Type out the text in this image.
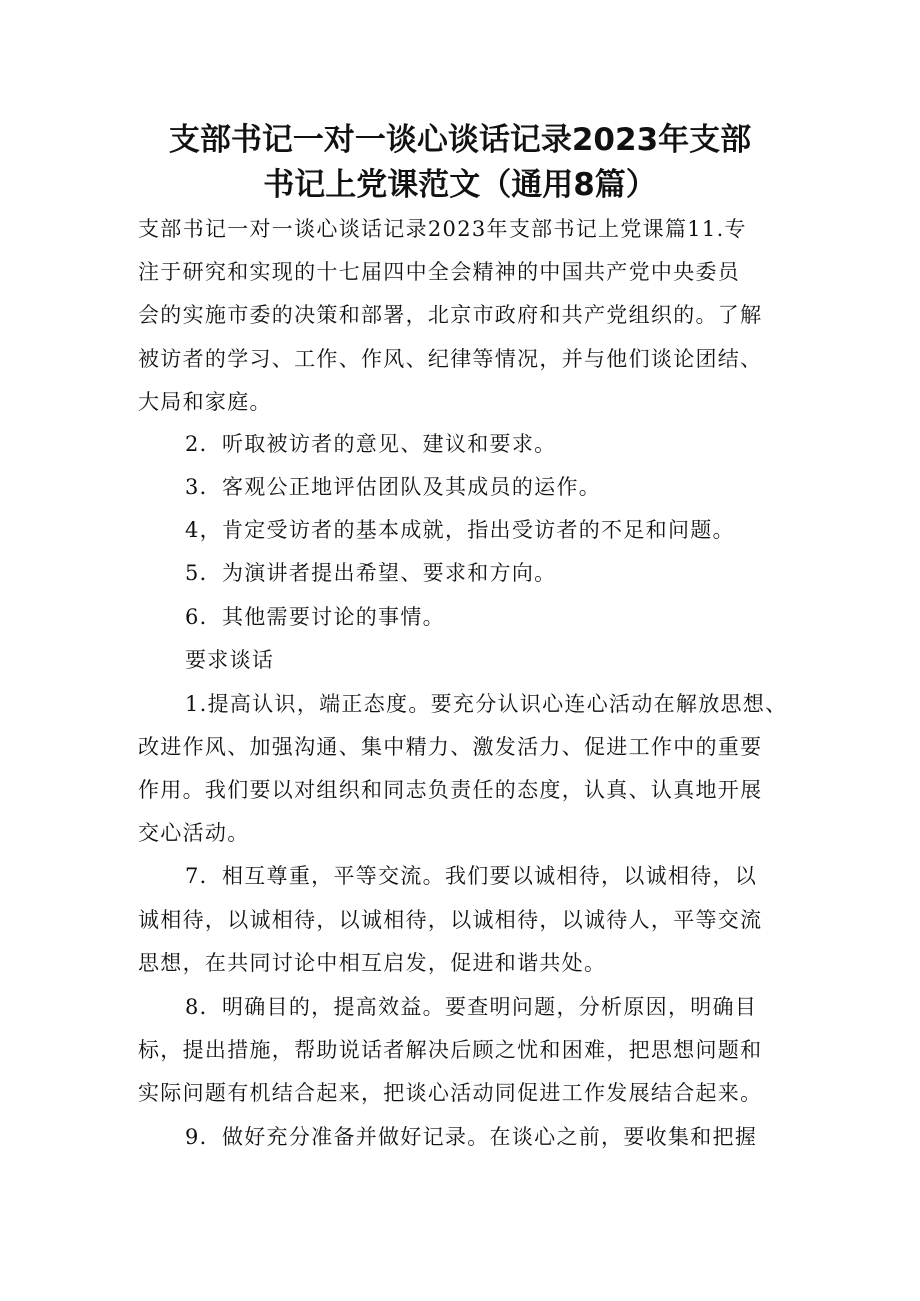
支部书记一对一谈心谈话记录2023年支部
书记上党课范文（通用8篇）
支部书记一对一谈心谈话记录2023年支部书记上党课篇11.专
注于研究和实现的十七届四中全会精神的中国共产党中央委员
会的实施市委的决策和部署，北京市政府和共产党组织的。了解
被访者的学习、工作、作风、纪律等情况，并与他们谈论团结、
大局和家庭。
2．听取被访者的意见、建议和要求。
3．客观公正地评估团队及其成员的运作。
4，肯定受访者的基本成就，指出受访者的不足和问题。
5．为演讲者提出希望、要求和方向。
6．其他需要讨论的事情。
要求谈话
1.提高认识，端正态度。要充分认识心连心活动在解放思想、
改进作风、加强沟通、集中精力、激发活力、促进工作中的重要
作用。我们要以对组织和同志负责任的态度，认真、认真地开展
交心活动。
7．相互尊重，平等交流。我们要以诚相待，以诚相待，以
诚相待，以诚相待，以诚相待，以诚相待，以诚待人，平等交流
思想，在共同讨论中相互启发，促进和谐共处。
8．明确目的，提高效益。要查明问题，分析原因，明确目
标，提出措施，帮助说话者解决后顾之忧和困难，把思想问题和
实际问题有机结合起来，把谈心活动同促进工作发展结合起来。
9．做好充分准备并做好记录。在谈心之前，要收集和把握
